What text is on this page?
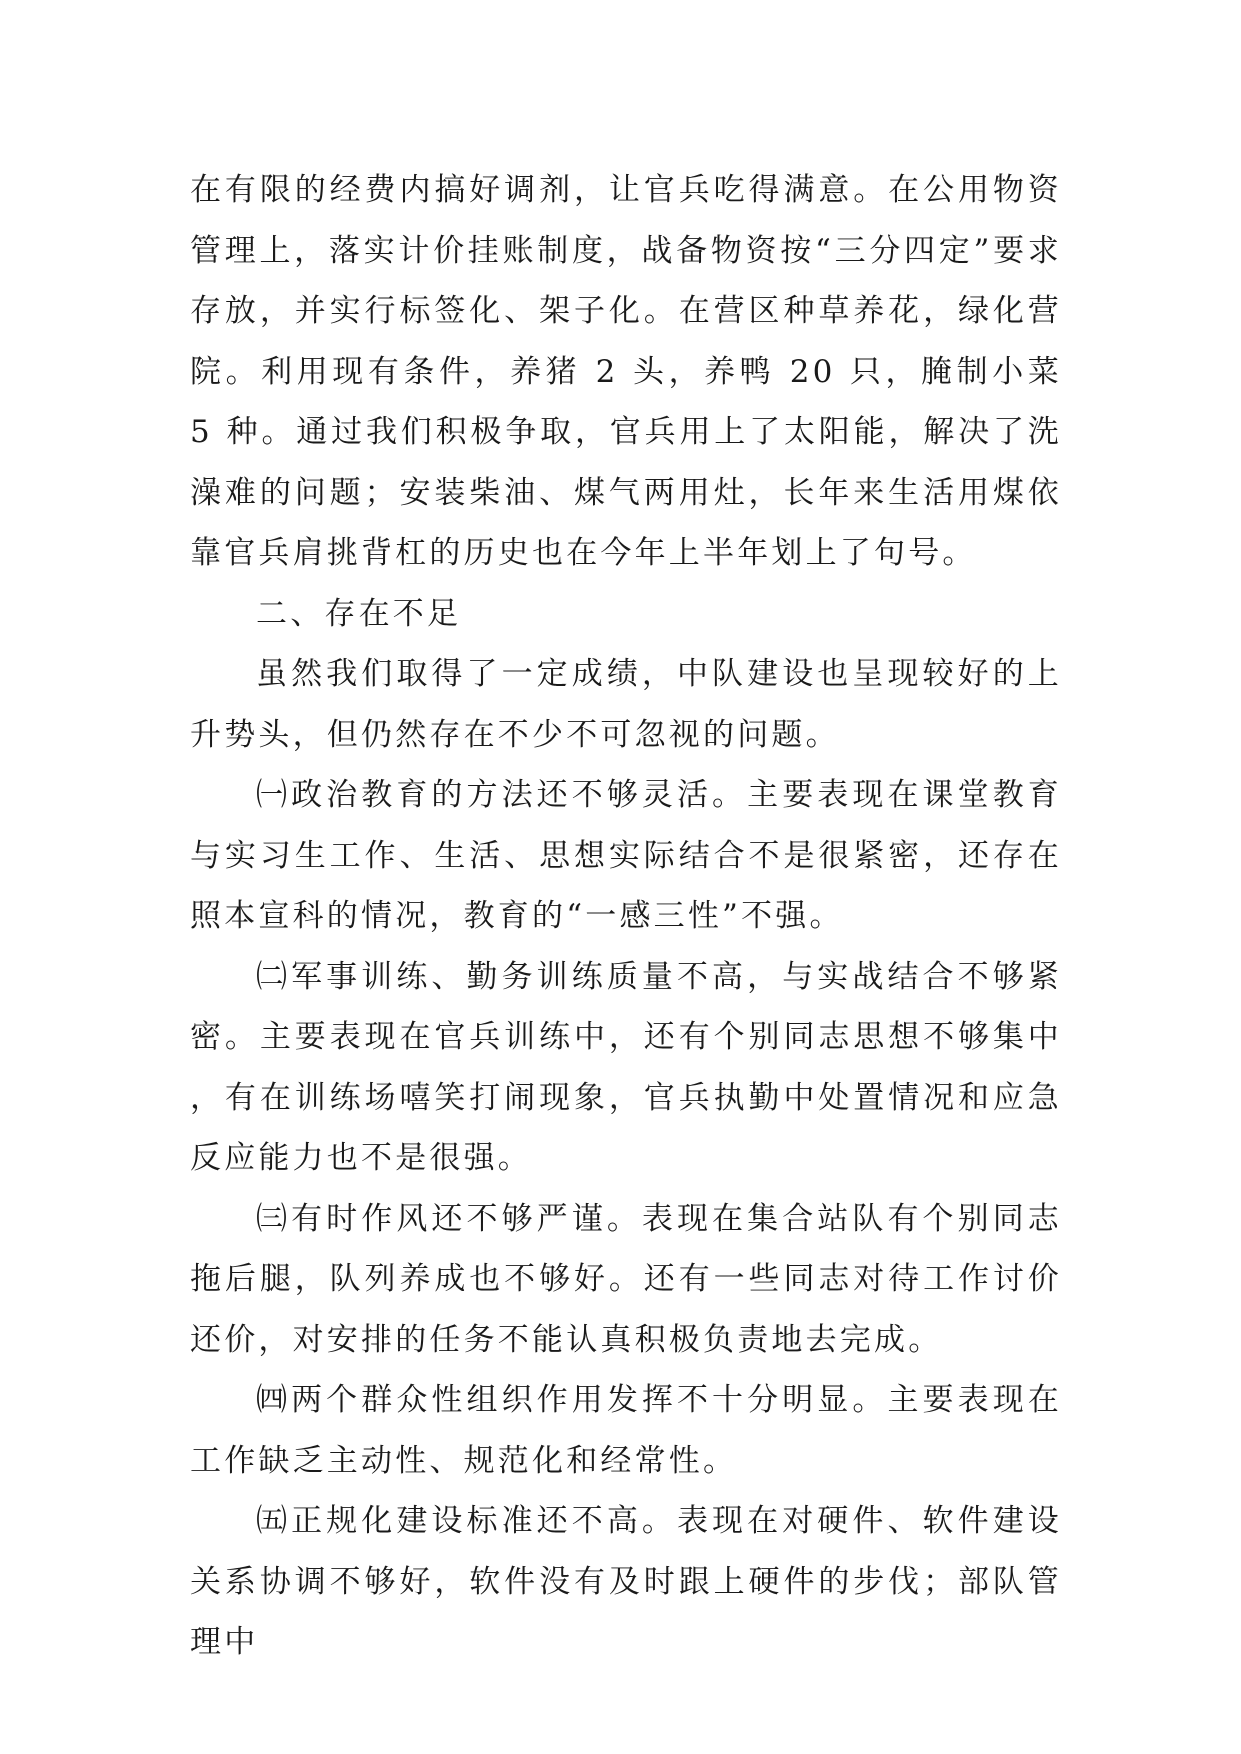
在有限的经费内搞好调剂，让官兵吃得满意。在公用物资管理上，落实计价挂账制度，战备物资按“三分四定”要求存放，并实行标签化、架子化。在营区种草养花，绿化营院。利用现有条件，养猪 2 头，养鸭 20 只，腌制小菜 5 种。通过我们积极争取，官兵用上了太阳能，解决了洗澡难的问题；安装柴油、煤气两用灶，长年来生活用煤依靠官兵肩挑背杠的历史也在今年上半年划上了句号。

二、存在不足

虽然我们取得了一定成绩，中队建设也呈现较好的上升势头，但仍然存在不少不可忽视的问题。

㈠政治教育的方法还不够灵活。主要表现在课堂教育与实习生工作、生活、思想实际结合不是很紧密，还存在照本宣科的情况，教育的“一感三性”不强。

㈡军事训练、勤务训练质量不高，与实战结合不够紧密。主要表现在官兵训练中，还有个别同志思想不够集中，有在训练场嘻笑打闹现象，官兵执勤中处置情况和应急反应能力也不是很强。

㈢有时作风还不够严谨。表现在集合站队有个别同志拖后腿，队列养成也不够好。还有一些同志对待工作讨价还价，对安排的任务不能认真积极负责地去完成。

㈣两个群众性组织作用发挥不十分明显。主要表现在工作缺乏主动性、规范化和经常性。

㈤正规化建设标准还不高。表现在对硬件、软件建设关系协调不够好，软件没有及时跟上硬件的步伐；部队管理中
